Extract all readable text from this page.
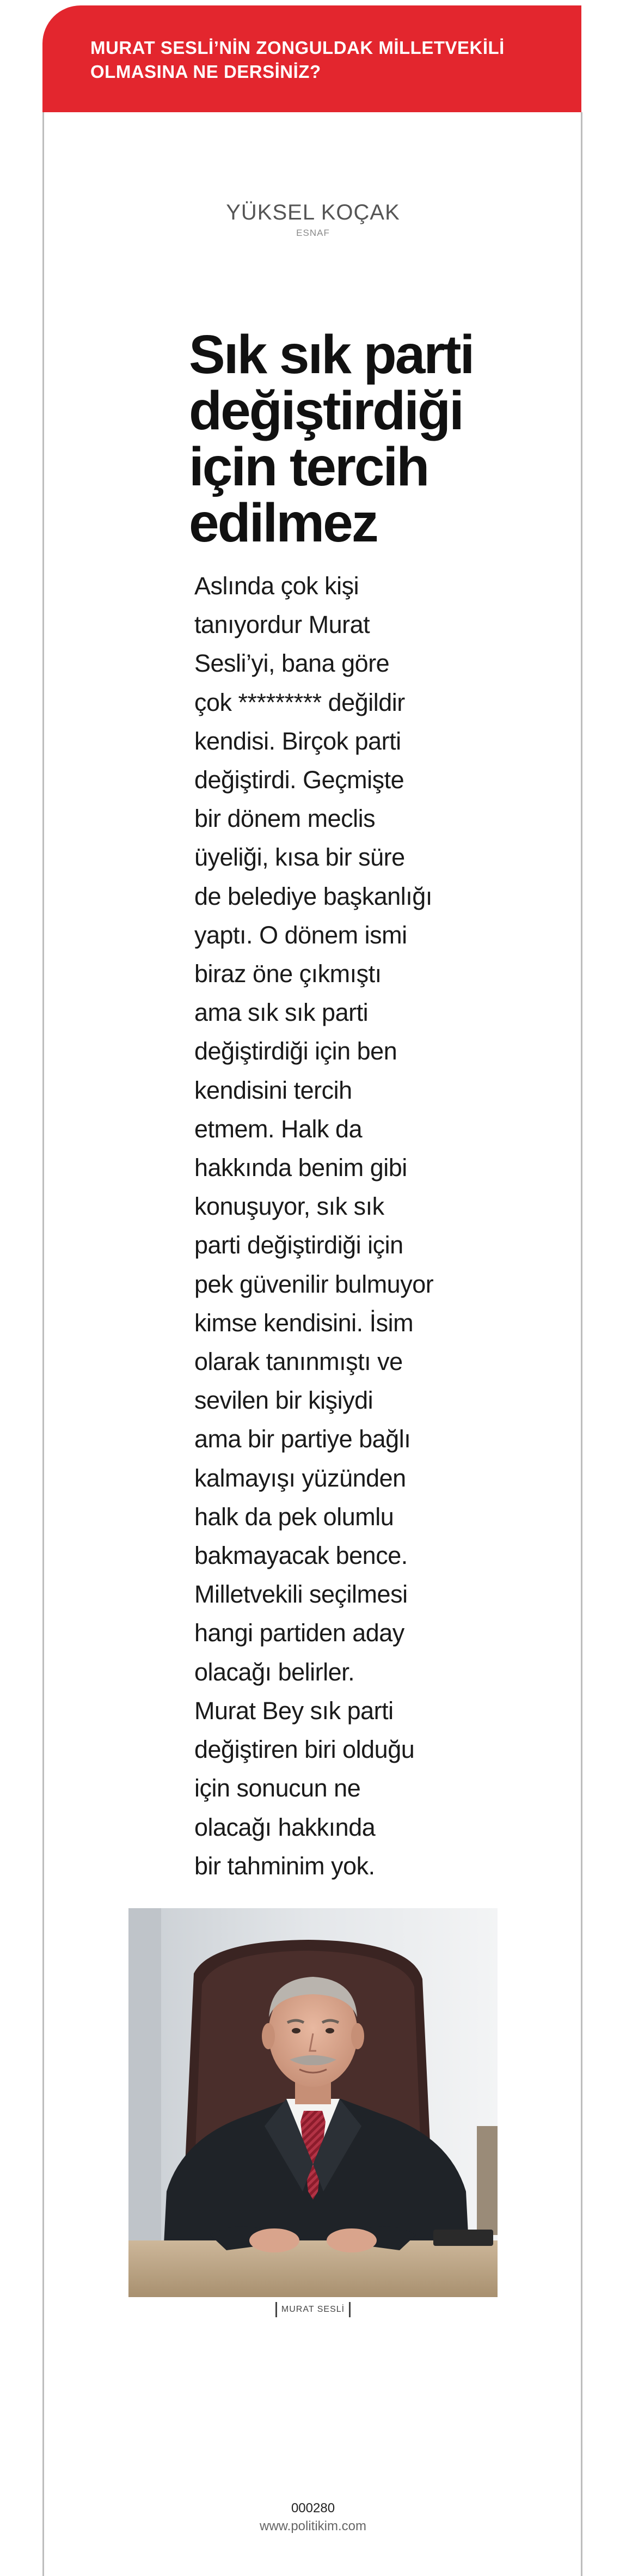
MURAT SESLİ’NİN ZONGULDAK MİLLETVEKİLİ
OLMASINA NE DERSİNİZ?
YÜKSEL KOÇAK
ESNAF
Sık sık parti
değiştirdiği
için tercih
edilmez

Aslında çok kişi
tanıyordur Murat
Sesli’yi, bana göre
çok ********* değildir
kendisi. Birçok parti
değiştirdi. Geçmişte
bir dönem meclis
üyeliği, kısa bir süre
de belediye başkanlığı
yaptı. O dönem ismi
biraz öne çıkmıştı
ama sık sık parti
değiştirdiği için ben
kendisini tercih
etmem. Halk da
hakkında benim gibi
konuşuyor, sık sık
parti değiştirdiği için
pek güvenilir bulmuyor
kimse kendisini. İsim
olarak tanınmıştı ve
sevilen bir kişiydi
ama bir partiye bağlı
kalmayışı yüzünden
halk da pek olumlu
bakmayacak bence.
Milletvekili seçilmesi
hangi partiden aday
olacağı belirler.
Murat Bey sık parti
değiştiren biri olduğu
için sonucun ne
olacağı hakkında
bir tahminim yok.

MURAT SESLİ
000280
www.politikim.com
